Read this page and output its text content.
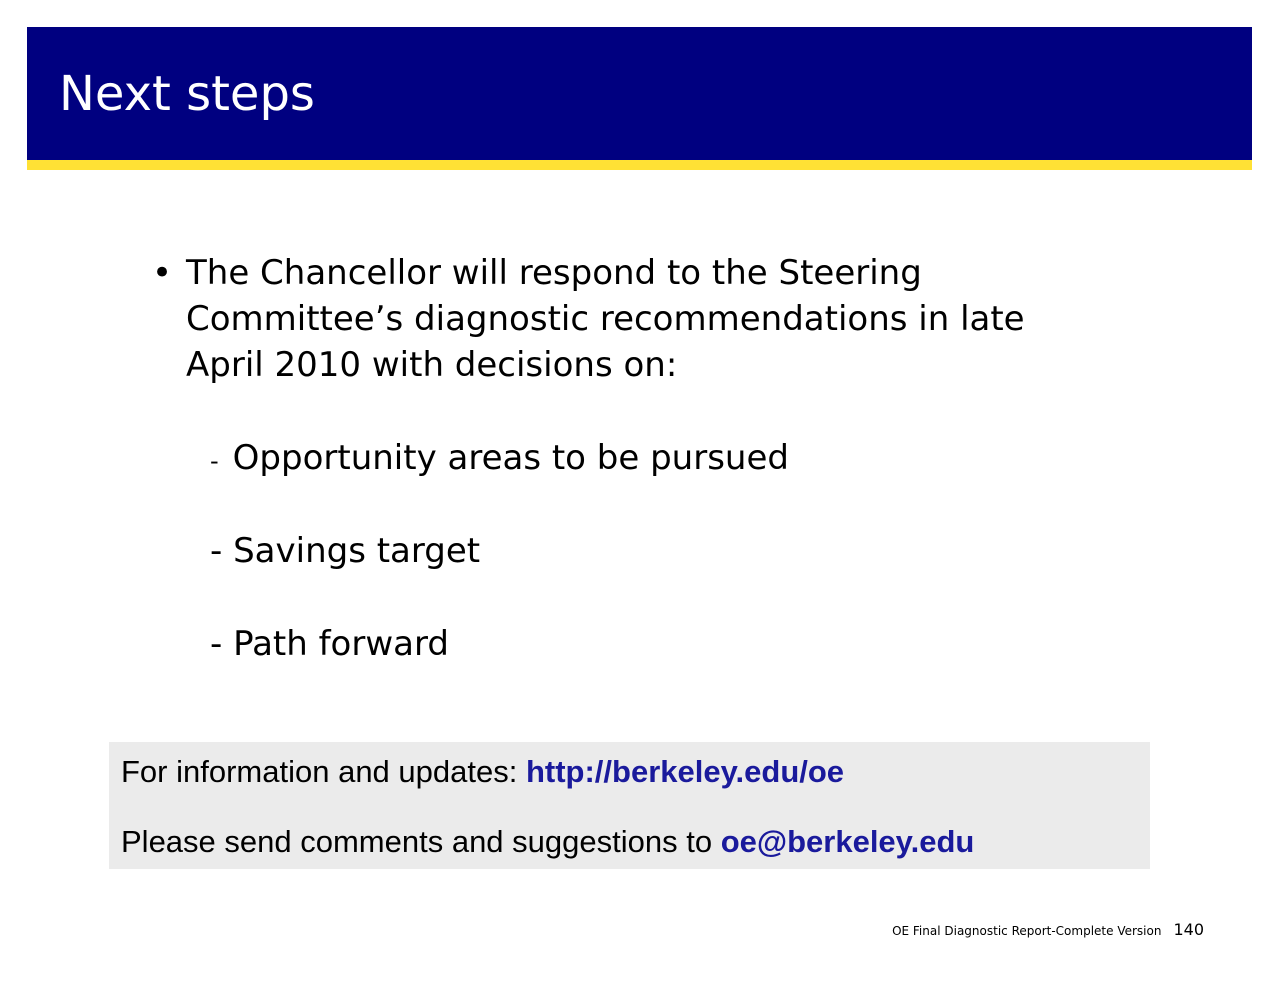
Next steps
• The Chancellor will respond to the Steering Committee’s diagnostic recommendations in late April 2010 with decisions on:
- Opportunity areas to be pursued
- Savings target
- Path forward
For information and updates: http://berkeley.edu/oe
Please send comments and suggestions to oe@berkeley.edu
OE Final Diagnostic Report-Complete Version 140
